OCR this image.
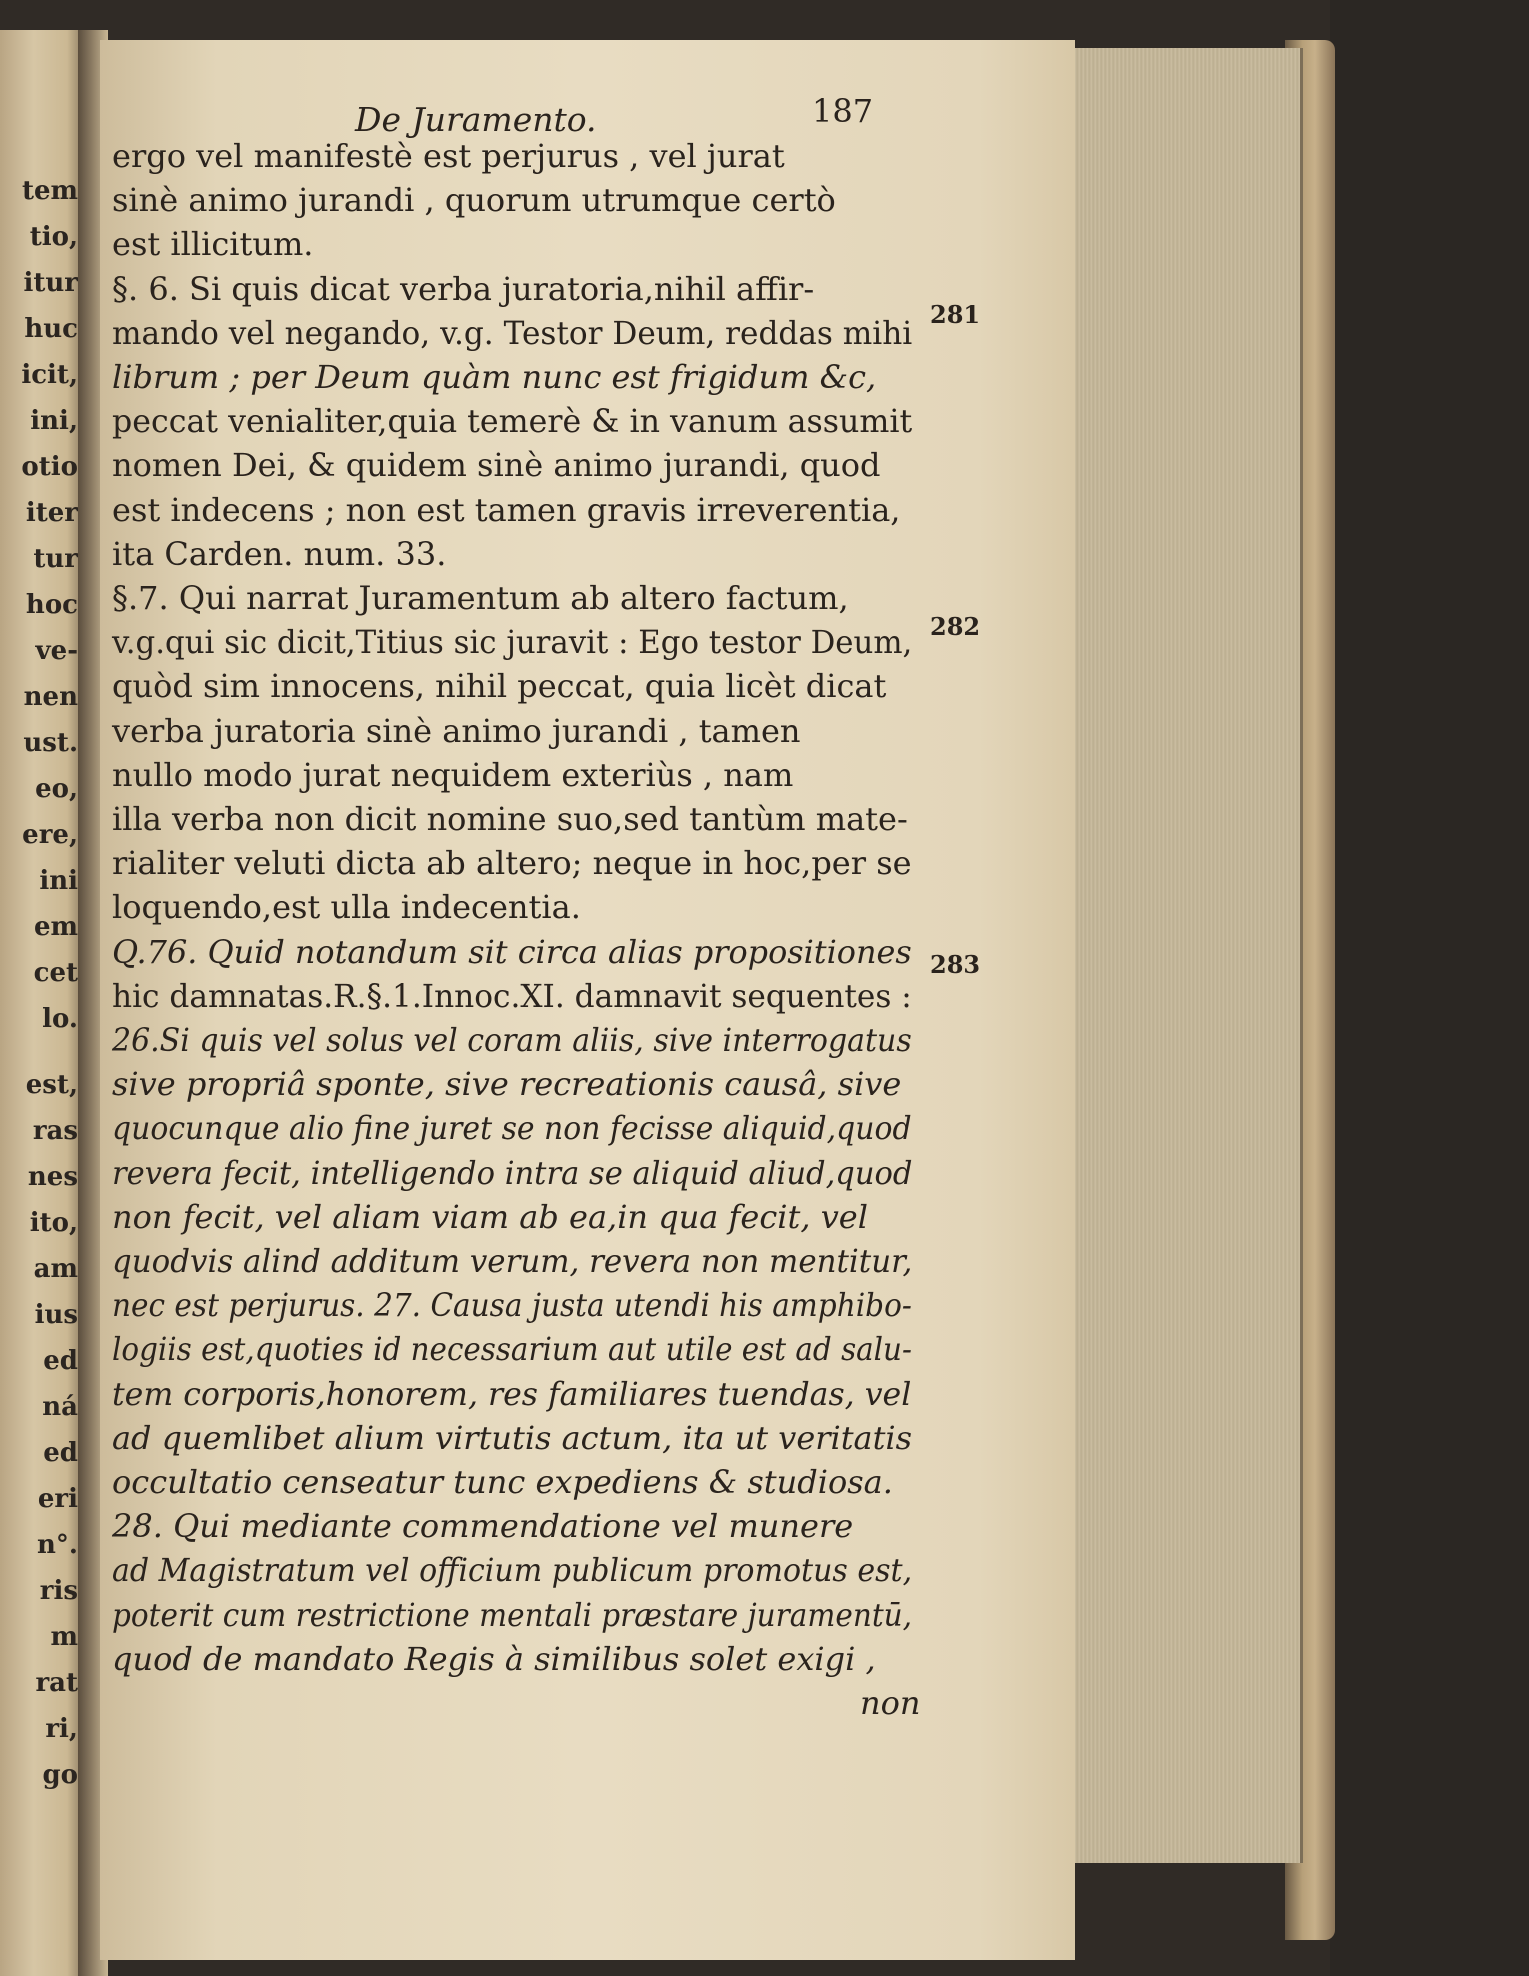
tem
tio,
itur
huc
icit,
ini,
otio
iter
tur
hoc
ve-
nen
ust.
eo,
ere,
ini
em
cet
lo.
est,
ras
nes
ito,
am
ius
ed
ná
ed
eri
n°.
ris
m
rat
ri,
go
De Juramento.	187
ergo vel manifestè est perjurus , vel jurat
sinè animo jurandi , quorum utrumque certò
est illicitum.
§. 6. Si quis dicat verba juratoria,nihil affir-
mando vel negando, v.g. Testor Deum, reddas mihi
librum ; per Deum quàm nunc est frigidum &c,
peccat venialiter,quia temerè & in vanum assumit
nomen Dei, & quidem sinè animo jurandi, quod
est indecens ; non est tamen gravis irreverentia,
ita Carden. num. 33.
§.7. Qui narrat Juramentum ab altero factum,
v.g.qui sic dicit,Titius sic juravit : Ego testor Deum,
quòd sim innocens, nihil peccat, quia licèt dicat
verba juratoria sinè animo jurandi , tamen
nullo modo jurat nequidem exteriùs , nam
illa verba non dicit nomine suo,sed tantùm mate-
rialiter veluti dicta ab altero; neque in hoc,per se
loquendo,est ulla indecentia.
Q.76. Quid notandum sit circa alias propositiones
hic damnatas.R.§.1.Innoc.XI. damnavit sequentes :
26.Si quis vel solus vel coram aliis, sive interrogatus
sive propriâ sponte, sive recreationis causâ, sive
quocunque alio fine juret se non fecisse aliquid,quod
revera fecit, intelligendo intra se aliquid aliud,quod
non fecit, vel aliam viam ab ea,in qua fecit, vel
quodvis alind additum verum, revera non mentitur,
nec est perjurus. 27. Causa justa utendi his amphibo-
logiis est,quoties id necessarium aut utile est ad salu-
tem corporis,honorem, res familiares tuendas, vel
ad quemlibet alium virtutis actum, ita ut veritatis
occultatio censeatur tunc expediens & studiosa.
28. Qui mediante commendatione vel munere
ad Magistratum vel officium publicum promotus est,
poterit cum restrictione mentali præstare juramentū,
quod de mandato Regis à similibus solet exigi ,
non
281
282
283
